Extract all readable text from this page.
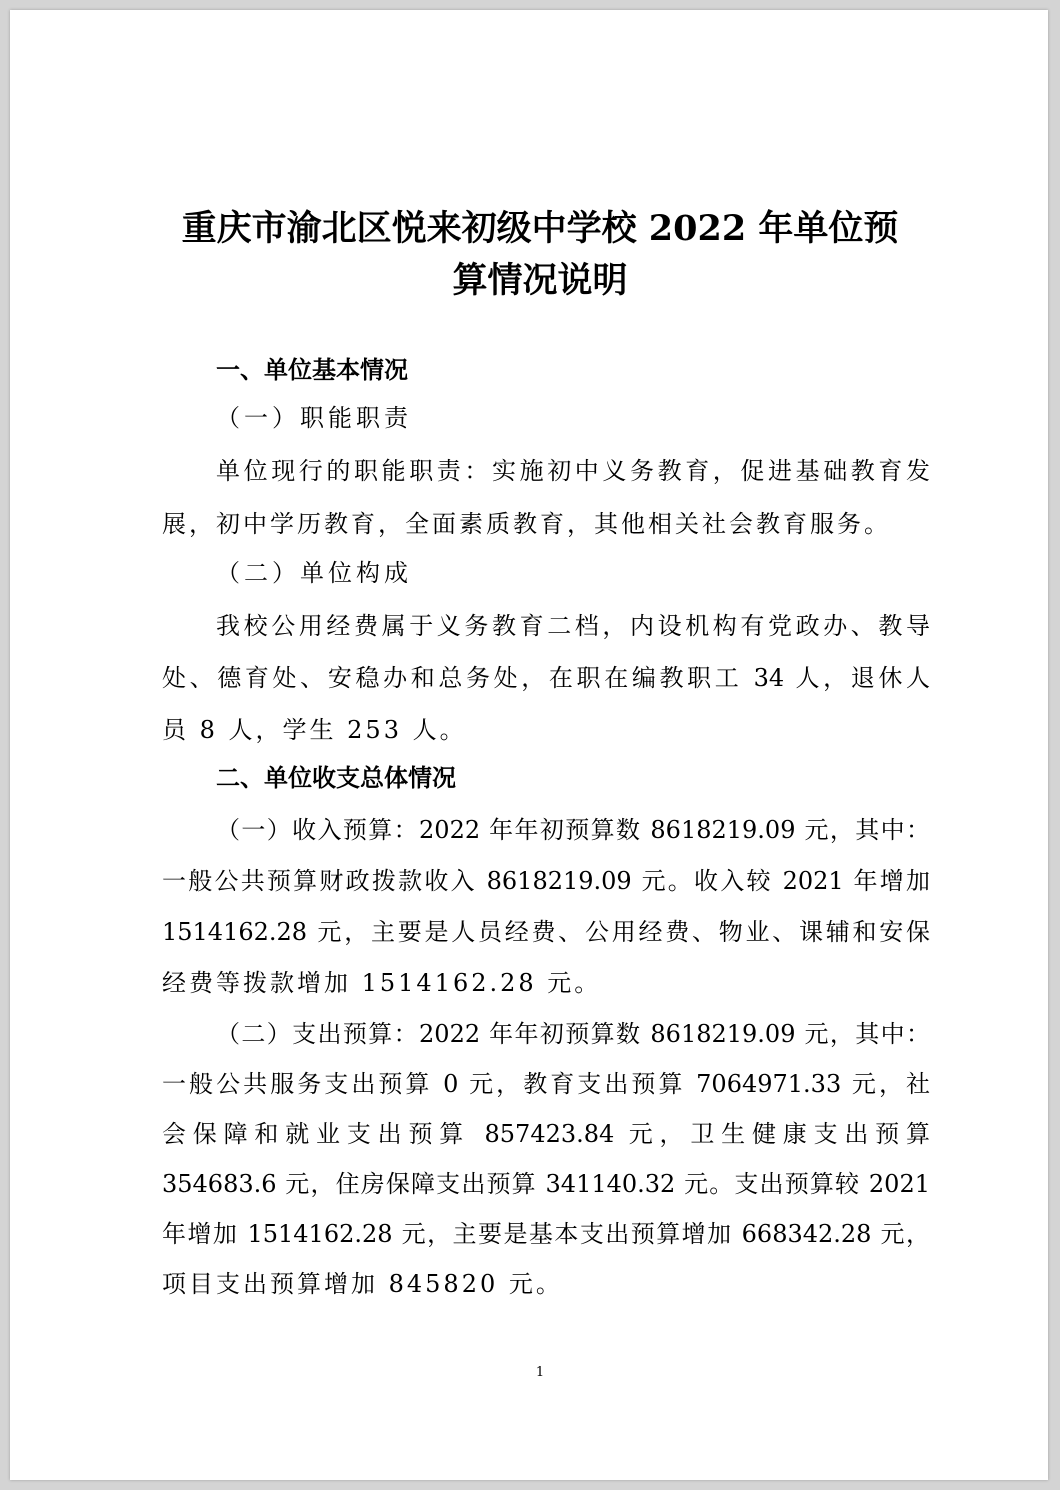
重庆市渝北区悦来初级中学校 2022 年单位预
算情况说明
一、单位基本情况
（一）职能职责
单位现行的职能职责：实施初中义务教育，促进基础教育发
展，初中学历教育，全面素质教育，其他相关社会教育服务。
（二）单位构成
我校公用经费属于义务教育二档，内设机构有党政办、教导
处、德育处、安稳办和总务处，在职在编教职工 34 人，退休人
员 8 人，学生 253 人。
二、单位收支总体情况
（一）收入预算：2022 年年初预算数 8618219.09 元，其中：
一般公共预算财政拨款收入 8618219.09 元。收入较 2021 年增加
1514162.28 元，主要是人员经费、公用经费、物业、课辅和安保
经费等拨款增加 1514162.28 元。
（二）支出预算：2022 年年初预算数 8618219.09 元，其中：
一般公共服务支出预算 0 元，教育支出预算 7064971.33 元，社
会保障和就业支出预算 857423.84 元，卫生健康支出预算
354683.6 元，住房保障支出预算 341140.32 元。支出预算较 2021
年增加 1514162.28 元，主要是基本支出预算增加 668342.28 元，
项目支出预算增加 845820 元。
1
